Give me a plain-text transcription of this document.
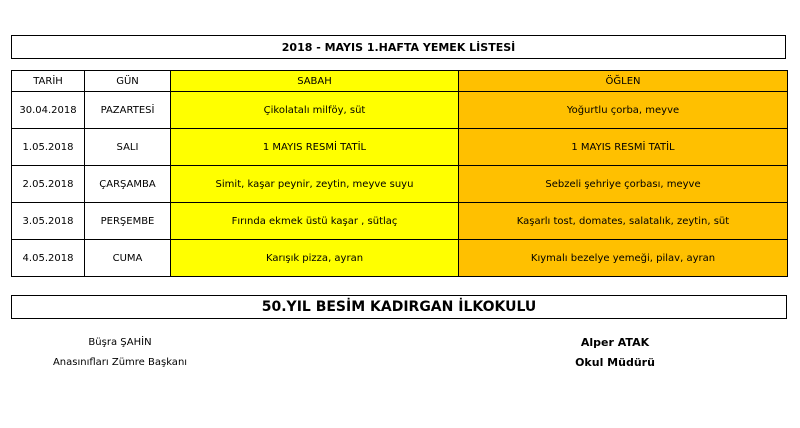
2018 - MAYIS 1.HAFTA YEMEK LİSTESİ
TARİH	GÜN	SABAH	ÖĞLEN
30.04.2018	PAZARTESİ	Çikolatalı milföy, süt	Yoğurtlu çorba, meyve
1.05.2018	SALI	1 MAYIS RESMİ TATİL	1 MAYIS RESMİ TATİL
2.05.2018	ÇARŞAMBA	Simit, kaşar peynir, zeytin, meyve suyu	Sebzeli şehriye çorbası, meyve
3.05.2018	PERŞEMBE	Fırında ekmek üstü kaşar , sütlaç	Kaşarlı tost, domates, salatalık, zeytin, süt
4.05.2018	CUMA	Karışık pizza, ayran	Kıymalı bezelye yemeği, pilav, ayran
50.YIL BESİM KADIRGAN İLKOKULU
Büşra ŞAHİN
Anasınıfları Zümre Başkanı
Alper ATAK
Okul Müdürü
